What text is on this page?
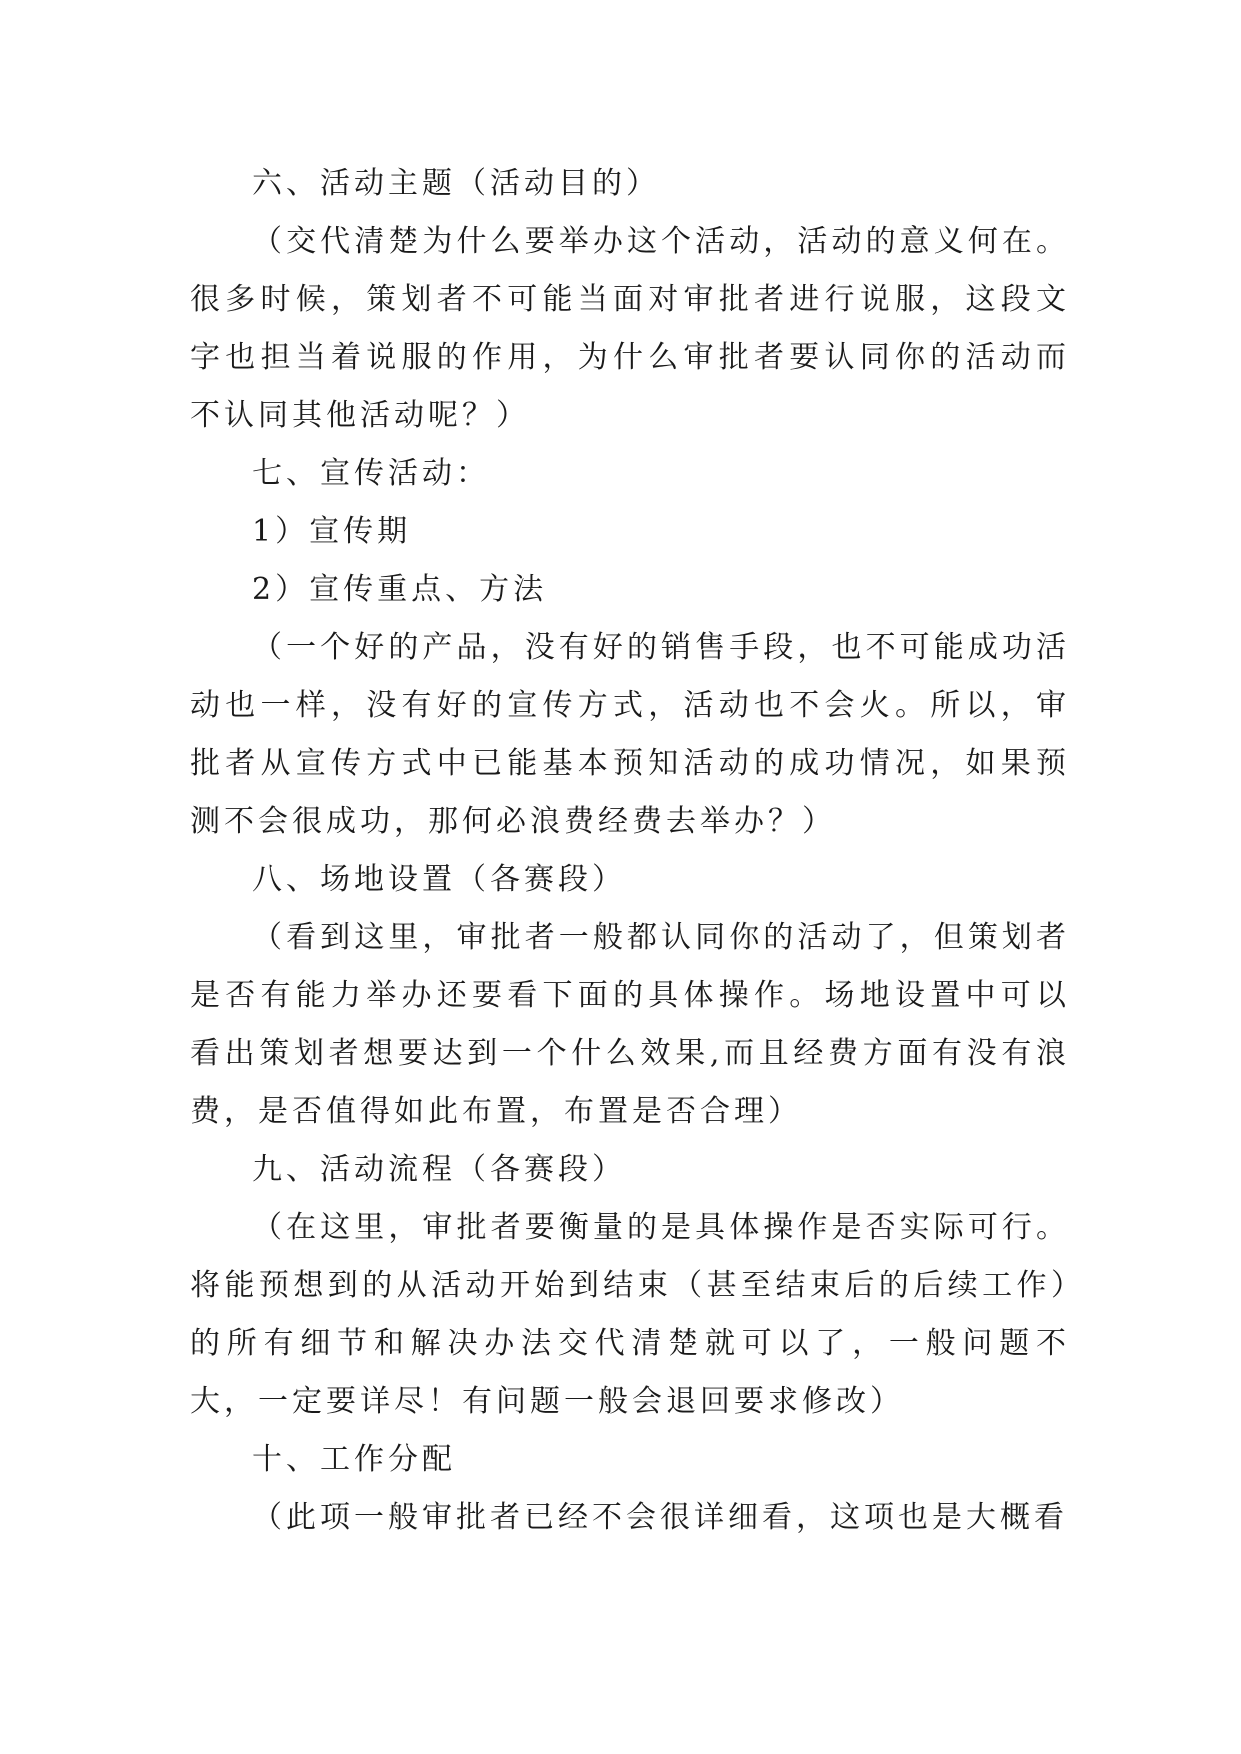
六、活动主题（活动目的）

（交代清楚为什么要举办这个活动，活动的意义何在。很多时候，策划者不可能当面对审批者进行说服，这段文字也担当着说服的作用，为什么审批者要认同你的活动而不认同其他活动呢？）

七、宣传活动：

1）宣传期

2）宣传重点、方法

（一个好的产品，没有好的销售手段，也不可能成功活动也一样，没有好的宣传方式，活动也不会火。所以，审批者从宣传方式中已能基本预知活动的成功情况，如果预测不会很成功，那何必浪费经费去举办？）

八、场地设置（各赛段）

（看到这里，审批者一般都认同你的活动了，但策划者是否有能力举办还要看下面的具体操作。场地设置中可以看出策划者想要达到一个什么效果,而且经费方面有没有浪费，是否值得如此布置，布置是否合理）

九、活动流程（各赛段）

（在这里，审批者要衡量的是具体操作是否实际可行。将能预想到的从活动开始到结束（甚至结束后的后续工作）的所有细节和解决办法交代清楚就可以了，一般问题不大，一定要详尽！有问题一般会退回要求修改）

十、工作分配

（此项一般审批者已经不会很详细看，这项也是大概看
